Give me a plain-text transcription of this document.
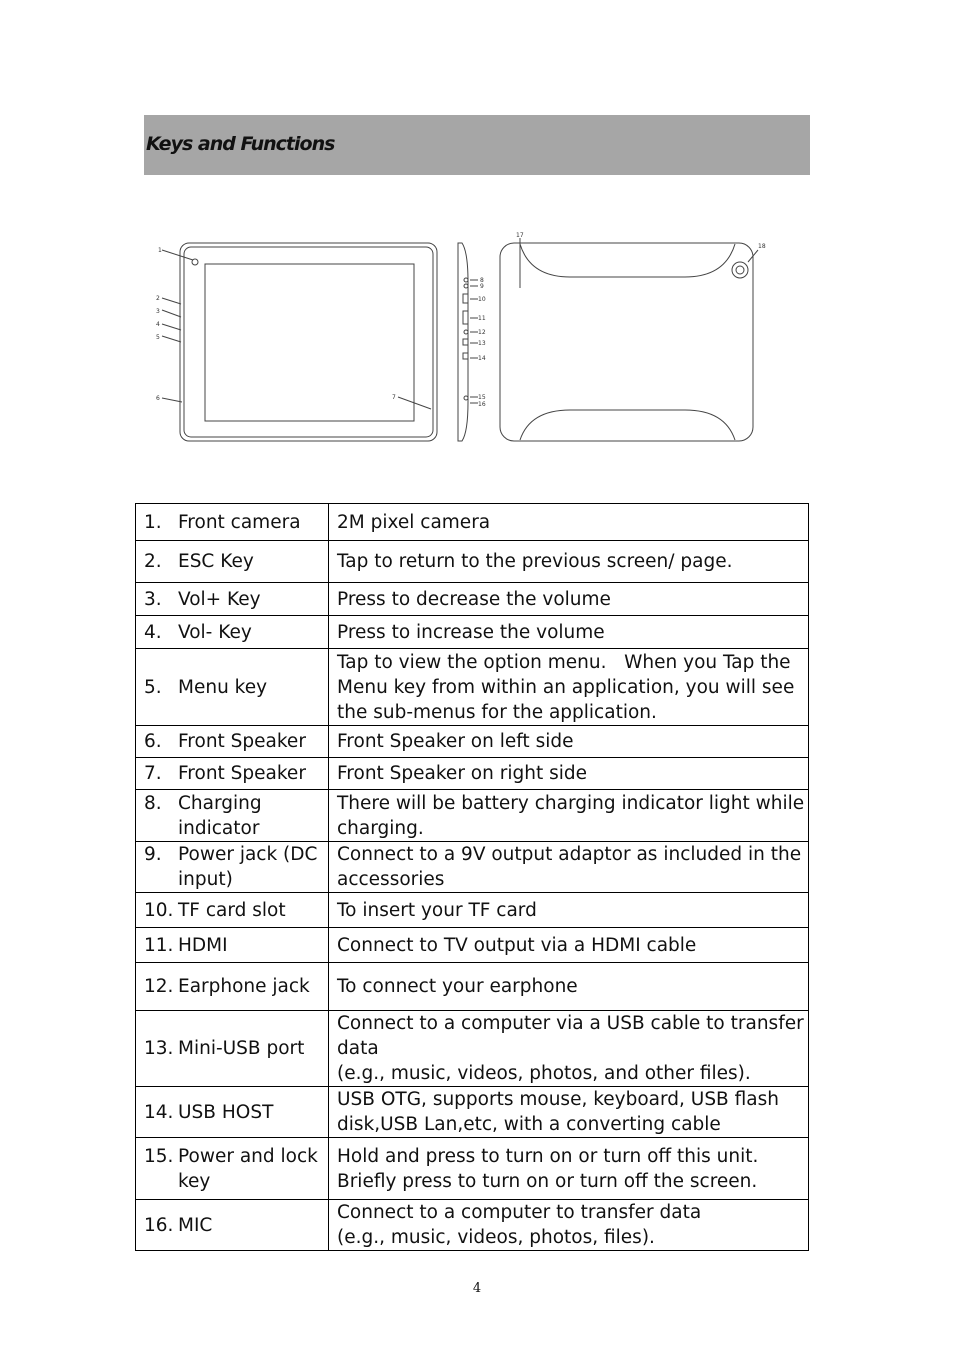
Keys and Functions
1
2
3
4
5
6	7
8
9
10
11
12
13
14
15
16
17
18
1. Front camera	2M pixel camera

2. ESC Key	Tap to return to the previous screen/ page.

3. Vol+ Key	Press to decrease the volume

4. Vol- Key	Press to increase the volume

5. Menu key	Tap to view the option menu.   When you Tap the Menu key from within an application, you will see the sub-menus for the application.

6. Front Speaker	Front Speaker on left side

7. Front Speaker	Front Speaker on right side

8. Charging indicator	There will be battery charging indicator light while charging.

9. Power jack (DC input)	Connect to a 9V output adaptor as included in the accessories

10. TF card slot	To insert your TF card

11. HDMI	Connect to TV output via a HDMI cable

12. Earphone jack	To connect your earphone

13. Mini-USB port	Connect to a computer via a USB cable to transfer data
(e.g., music, videos, photos, and other files).

14. USB HOST	USB OTG, supports mouse, keyboard, USB flash disk,USB Lan,etc, with a converting cable

15. Power and lock key	Hold and press to turn on or turn off this unit.
Briefly press to turn on or turn off the screen.

16. MIC	Connect to a computer to transfer data
(e.g., music, videos, photos, files).
4
